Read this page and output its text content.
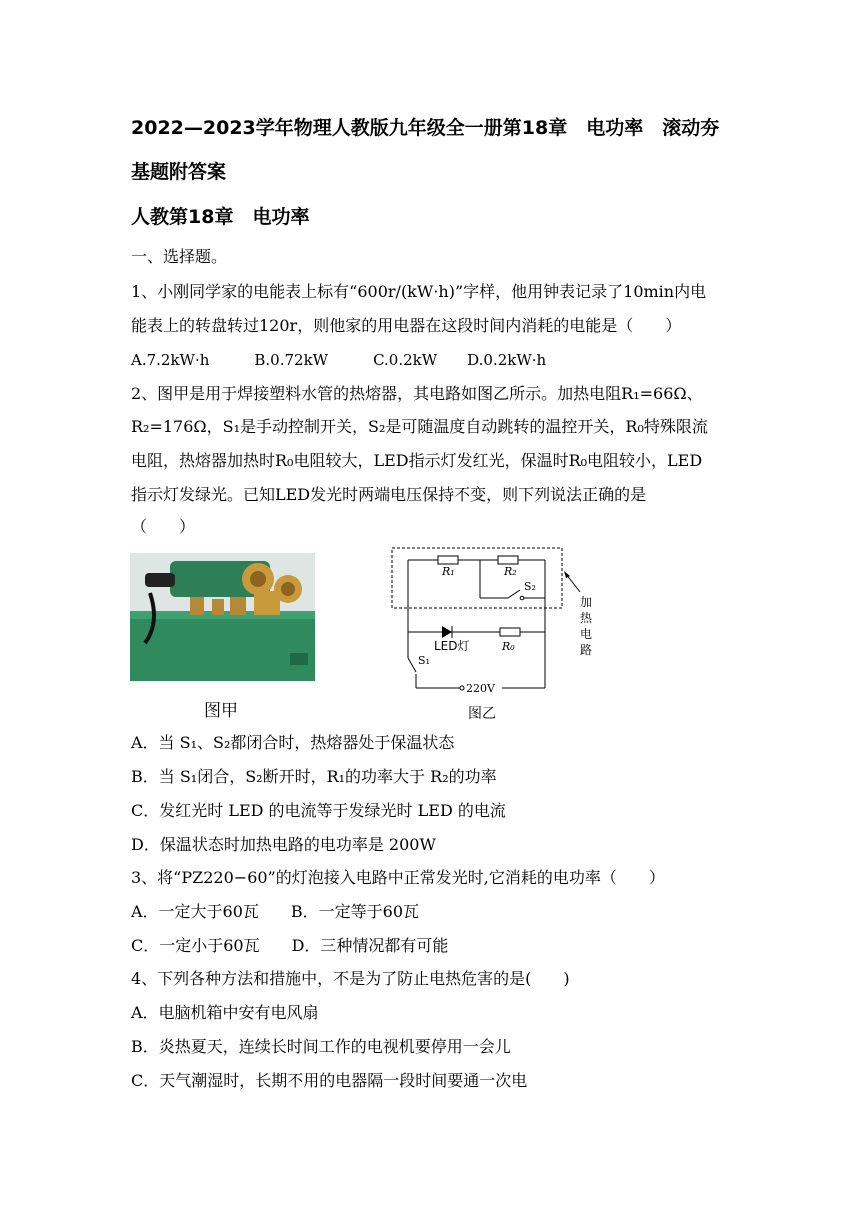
2022—2023学年物理人教版九年级全一册第18章　电功率　滚动夯
基题附答案
人教第18章　电功率
一、选择题。
1、小刚同学家的电能表上标有“600r/(kW·h)”字样，他用钟表记录了10min内电
能表上的转盘转过120r，则他家的用电器在这段时间内消耗的电能是（　　）
A.7.2kW·h　　　B.0.72kW　　　C.0.2kW　　D.0.2kW·h
2、图甲是用于焊接塑料水管的热熔器，其电路如图乙所示。加热电阻R₁=66Ω、
R₂=176Ω，S₁是手动控制开关，S₂是可随温度自动跳转的温控开关，R₀特殊限流
电阻，热熔器加热时R₀电阻较大，LED指示灯发红光，保温时R₀电阻较小，LED
指示灯发绿光。已知LED发光时两端电压保持不变，则下列说法正确的是
（　　）
图甲
R₁	R₂
S₂
LED灯	R₀
S₁
220V
加
热
电
路
图乙
A．当 S₁、S₂都闭合时，热熔器处于保温状态
B．当 S₁闭合，S₂断开时，R₁的功率大于 R₂的功率
C．发红光时 LED 的电流等于发绿光时 LED 的电流
D．保温状态时加热电路的电功率是 200W
3、将“PZ220−60”的灯泡接入电路中正常发光时,它消耗的电功率（　　）
A．一定大于60瓦　　B．一定等于60瓦
C．一定小于60瓦　　D．三种情况都有可能
4、下列各种方法和措施中，不是为了防止电热危害的是(　　)
A．电脑机箱中安有电风扇
B．炎热夏天，连续长时间工作的电视机要停用一会儿
C．天气潮湿时，长期不用的电器隔一段时间要通一次电
